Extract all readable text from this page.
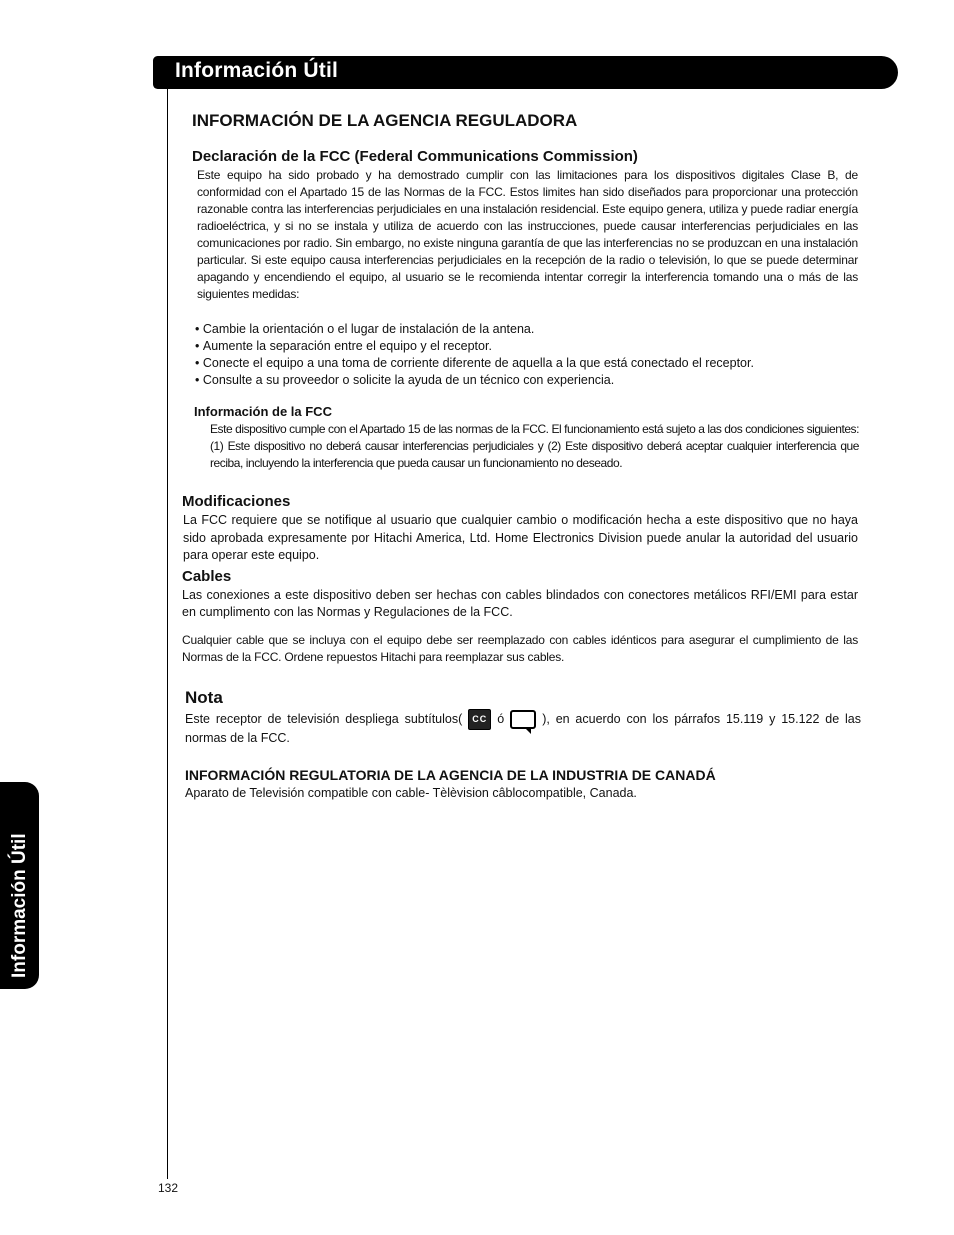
Información Útil
Información Útil
INFORMACIÓN DE LA AGENCIA REGULADORA
Declaración de la FCC (Federal Communications Commission)
Este equipo ha sido probado y ha demostrado cumplir con las limitaciones para los dispositivos digitales Clase B, de conformidad con el Apartado 15 de las Normas de la FCC. Estos limites han sido diseñados para proporcionar una protección razonable contra las interferencias perjudiciales en una instalación residencial. Este equipo genera, utiliza y puede radiar energía radioeléctrica, y si no se instala y utiliza de acuerdo con las instrucciones, puede causar interferencias perjudiciales en las comunicaciones por radio. Sin embargo, no existe ninguna garantía de que las interferencias no se produzcan en una instalación particular. Si este equipo causa interferencias perjudiciales en la recepción de la radio o televisión, lo que se puede determinar apagando y encendiendo el equipo, al usuario se le recomienda intentar corregir la interferencia tomando una o más de las siguientes medidas:
• Cambie la orientación o el lugar de instalación de la antena.
• Aumente la separación entre el equipo y el receptor.
• Conecte el equipo a una toma de corriente diferente de aquella a la que está conectado el receptor.
• Consulte a su proveedor o solicite la ayuda de un técnico con experiencia.
Información de la FCC
Este dispositivo cumple con el Apartado 15 de las normas de la FCC. El funcionamiento está sujeto a las dos condiciones siguientes:(1) Este dispositivo no deberá causar interferencias perjudiciales y (2) Este dispositivo deberá aceptar cualquier interferencia que reciba, incluyendo la interferencia que pueda causar un funcionamiento no deseado.
Modificaciones
La FCC requiere que se notifique al usuario que cualquier cambio o modificación hecha a este dispositivo que no haya sido aprobada expresamente por Hitachi America, Ltd. Home Electronics Division puede anular la autoridad del usuario para operar este equipo.
Cables
Las conexiones a este dispositivo deben ser hechas con cables blindados con conectores metálicos RFI/EMI para estar en cumplimento con las Normas y Regulaciones de la FCC.
Cualquier cable que se incluya con el equipo debe ser reemplazado con cables idénticos para asegurar el cumplimiento de las Normas de la FCC. Ordene repuestos Hitachi para reemplazar sus cables.
Nota
Este receptor de televisión despliega subtítulos( CC ó	), en acuerdo con los párrafos 15.119 y 15.122 de las normas de la FCC.
INFORMACIÓN REGULATORIA DE LA AGENCIA DE LA INDUSTRIA DE CANADÁ
Aparato de Televisión compatible con cable- Tèlèvision câblocompatible, Canada.
132
